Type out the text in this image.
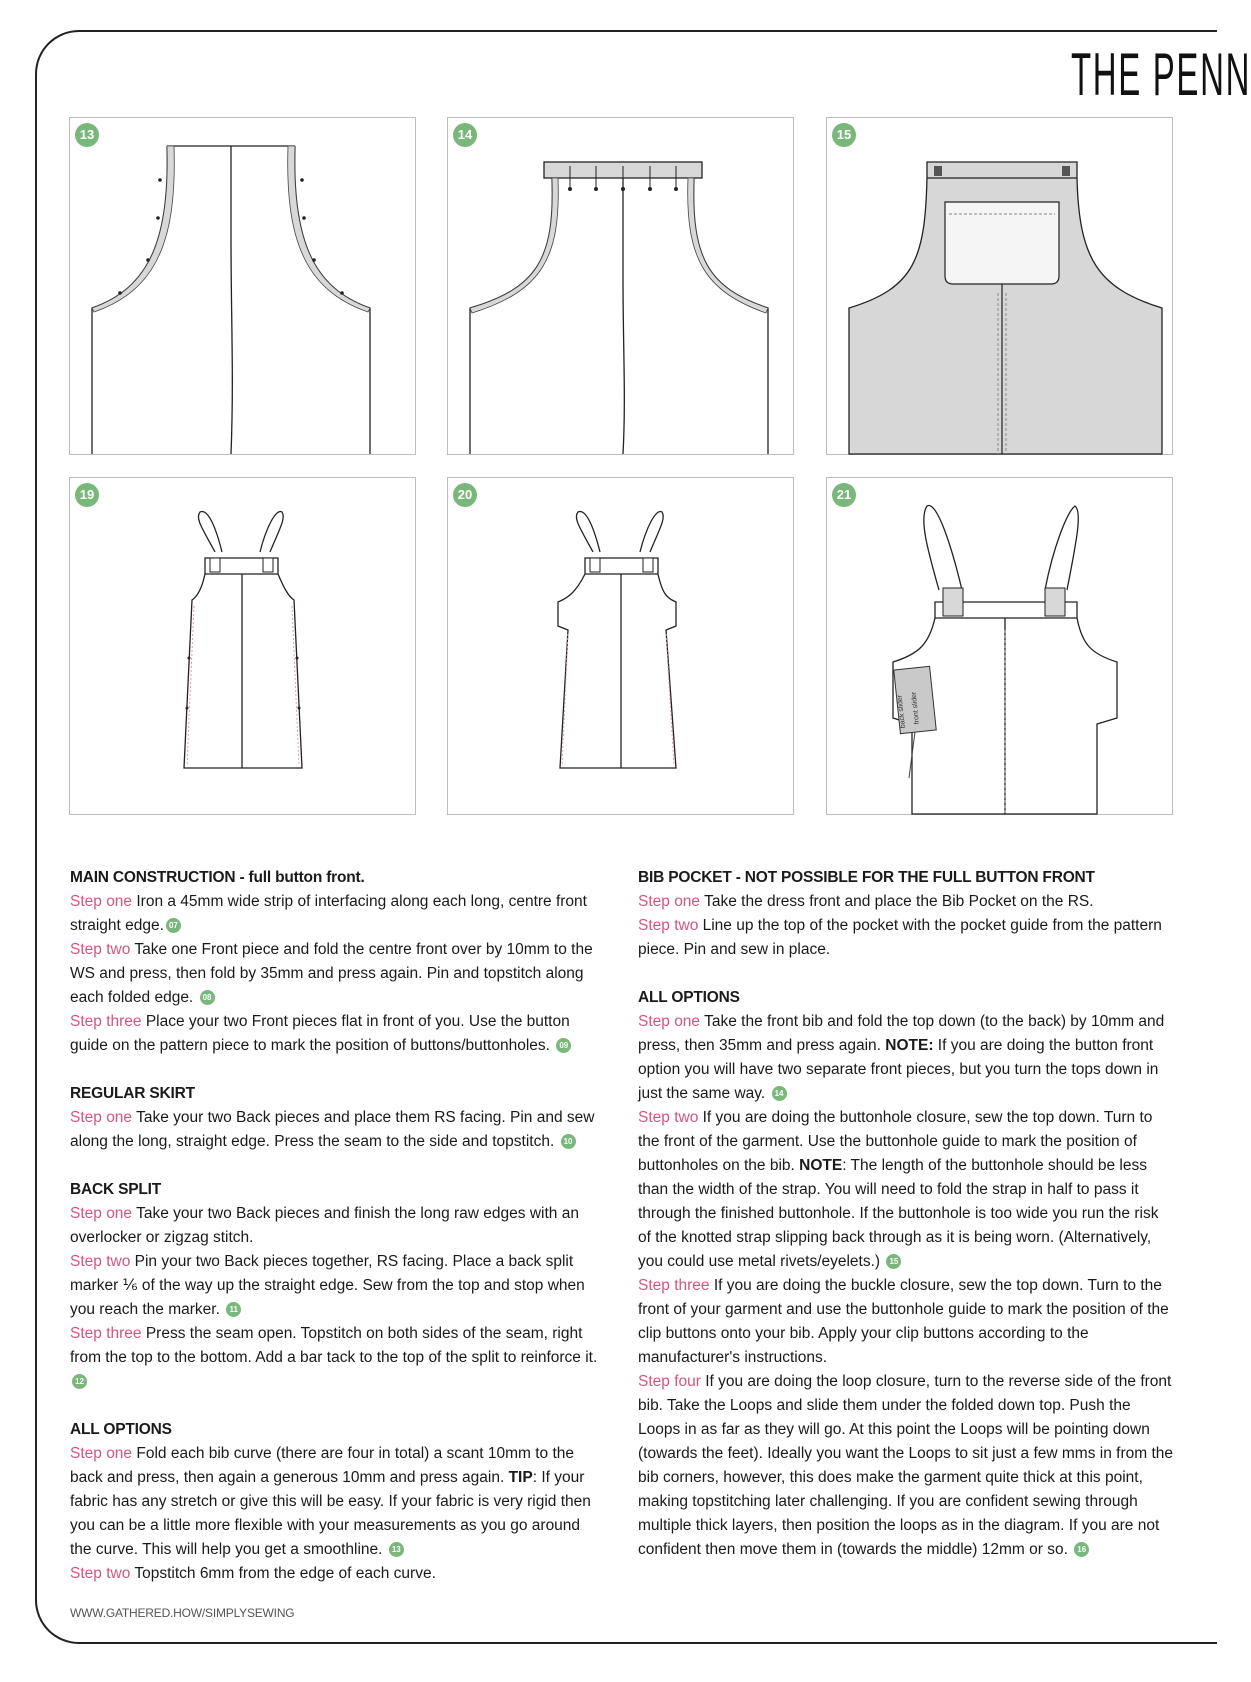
THE PENN
13	14	15
19	20
back slider front slider
21

MAIN CONSTRUCTION - full button front.

Step one Iron a 45mm wide strip of interfacing along each long, centre front straight edge. 07

Step two Take one Front piece and fold the centre front over by 10mm to the WS and press, then fold by 35mm and press again. Pin and topstitch along each folded edge. 08

Step three Place your two Front pieces flat in front of you. Use the button guide on the pattern piece to mark the position of buttons/buttonholes. 09

REGULAR SKIRT

Step one Take your two Back pieces and place them RS facing. Pin and sew along the long, straight edge. Press the seam to the side and topstitch. 10

BACK SPLIT

Step one Take your two Back pieces and finish the long raw edges with an overlocker or zigzag stitch.

Step two Pin your two Back pieces together, RS facing. Place a back split marker ⅙ of the way up the straight edge. Sew from the top and stop when you reach the marker. 11

Step three Press the seam open. Topstitch on both sides of the seam, right from the top to the bottom. Add a bar tack to the top of the split to reinforce it. 12

ALL OPTIONS

Step one Fold each bib curve (there are four in total) a scant 10mm to the back and press, then again a generous 10mm and press again. TIP: If your fabric has any stretch or give this will be easy. If your fabric is very rigid then you can be a little more flexible with your measurements as you go around the curve. This will help you get a smoothline. 13

Step two Topstitch 6mm from the edge of each curve.

BIB POCKET - NOT POSSIBLE FOR THE FULL BUTTON FRONT

Step one Take the dress front and place the Bib Pocket on the RS.

Step two Line up the top of the pocket with the pocket guide from the pattern piece. Pin and sew in place.

ALL OPTIONS

Step one Take the front bib and fold the top down (to the back) by 10mm and press, then 35mm and press again. NOTE: If you are doing the button front option you will have two separate front pieces, but you turn the tops down in just the same way. 14

Step two If you are doing the buttonhole closure, sew the top down. Turn to the front of the garment. Use the buttonhole guide to mark the position of buttonholes on the bib. NOTE: The length of the buttonhole should be less than the width of the strap. You will need to fold the strap in half to pass it through the finished buttonhole. If the buttonhole is too wide you run the risk of the knotted strap slipping back through as it is being worn. (Alternatively, you could use metal rivets/eyelets.) 15

Step three If you are doing the buckle closure, sew the top down. Turn to the front of your garment and use the buttonhole guide to mark the position of the clip buttons onto your bib. Apply your clip buttons according to the manufacturer's instructions.

Step four If you are doing the loop closure, turn to the reverse side of the front bib. Take the Loops and slide them under the folded down top. Push the Loops in as far as they will go. At this point the Loops will be pointing down (towards the feet). Ideally you want the Loops to sit just a few mms in from the bib corners, however, this does make the garment quite thick at this point, making topstitching later challenging. If you are confident sewing through multiple thick layers, then position the loops as in the diagram. If you are not confident then move them in (towards the middle) 12mm or so. 16

WWW.GATHERED.HOW/SIMPLYSEWING
